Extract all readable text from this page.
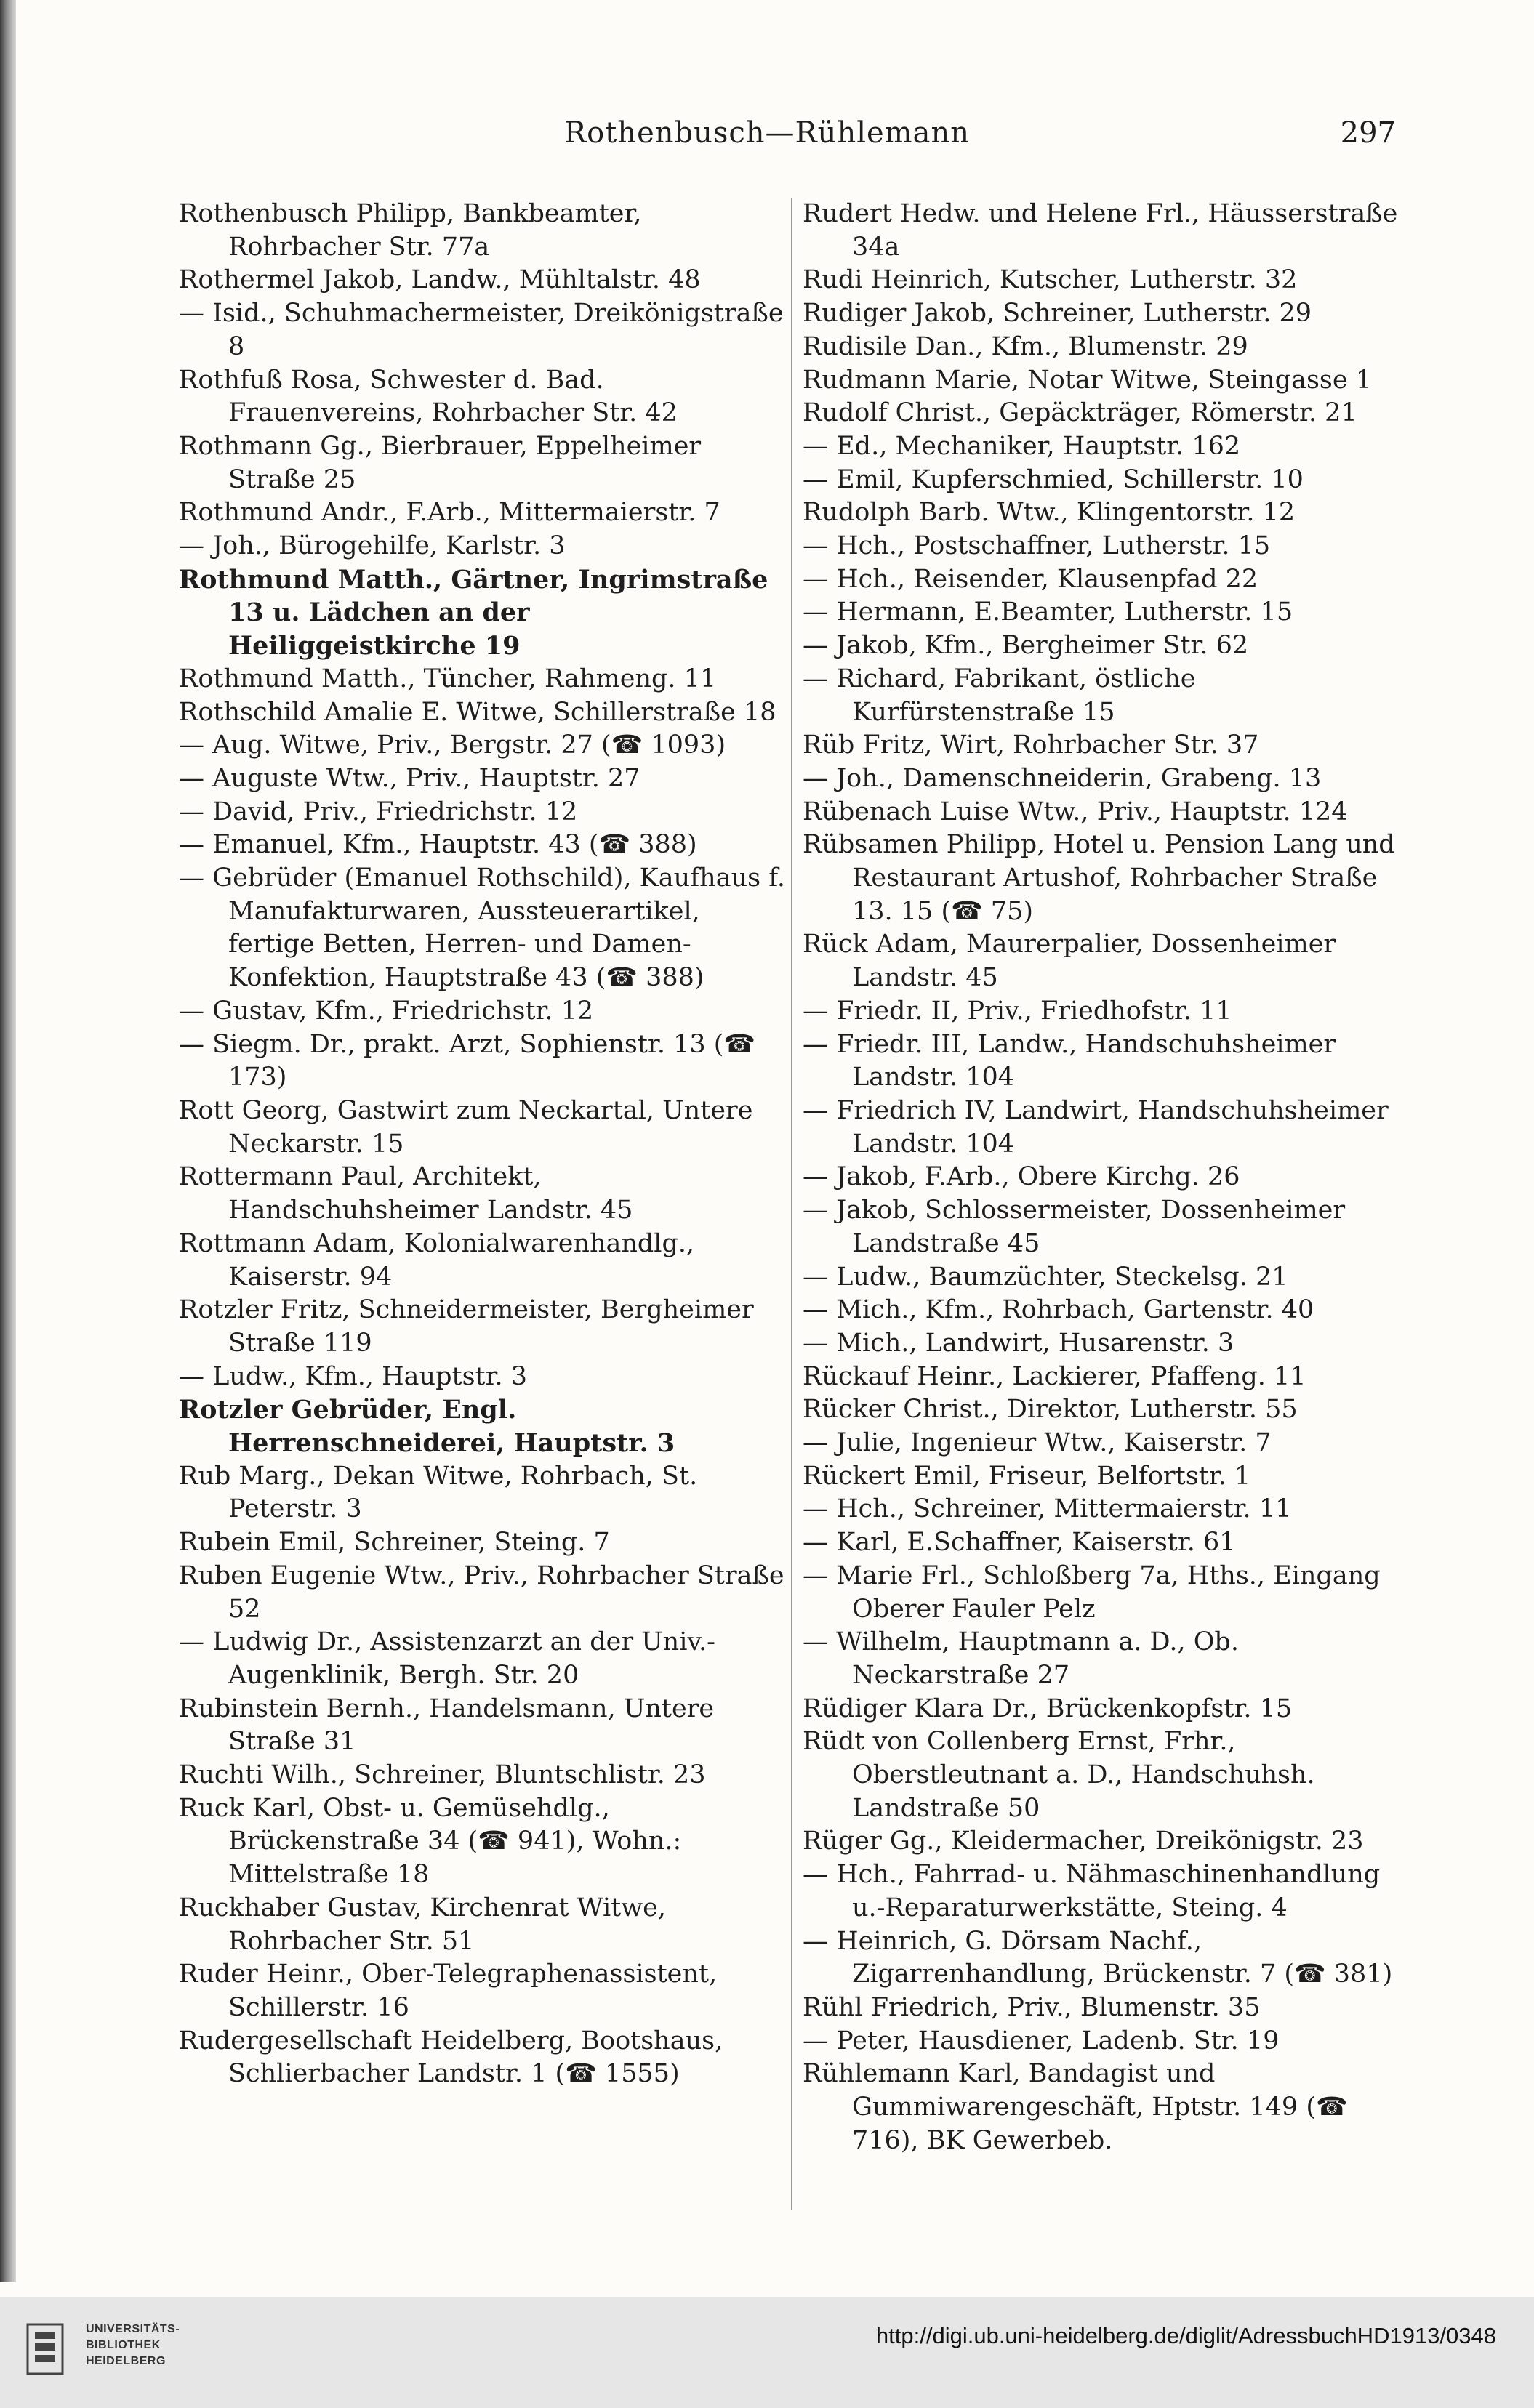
Rothenbusch—Rühlemann	297

Rothenbusch Philipp, Bankbeamter, Rohrbacher Str. 77a

Rothermel Jakob, Landw., Mühltalstr. 48

— Isid., Schuhmachermeister, Dreikönigstraße 8

Rothfuß Rosa, Schwester d. Bad. Frauenvereins, Rohrbacher Str. 42

Rothmann Gg., Bierbrauer, Eppelheimer Straße 25

Rothmund Andr., F.Arb., Mittermaierstr. 7

— Joh., Bürogehilfe, Karlstr. 3

Rothmund Matth., Gärtner, Ingrimstraße 13 u. Lädchen an der Heiliggeistkirche 19

Rothmund Matth., Tüncher, Rahmeng. 11

Rothschild Amalie E. Witwe, Schillerstraße 18

— Aug. Witwe, Priv., Bergstr. 27 (☎ 1093)

— Auguste Wtw., Priv., Hauptstr. 27

— David, Priv., Friedrichstr. 12

— Emanuel, Kfm., Hauptstr. 43 (☎ 388)

— Gebrüder (Emanuel Rothschild), Kaufhaus f. Manufakturwaren, Aussteuerartikel, fertige Betten, Herren- und Damen-Konfektion, Hauptstraße 43 (☎ 388)

— Gustav, Kfm., Friedrichstr. 12

— Siegm. Dr., prakt. Arzt, Sophienstr. 13 (☎ 173)

Rott Georg, Gastwirt zum Neckartal, Untere Neckarstr. 15

Rottermann Paul, Architekt, Handschuhsheimer Landstr. 45

Rottmann Adam, Kolonialwarenhandlg., Kaiserstr. 94

Rotzler Fritz, Schneidermeister, Bergheimer Straße 119

— Ludw., Kfm., Hauptstr. 3

Rotzler Gebrüder, Engl. Herrenschneiderei, Hauptstr. 3

Rub Marg., Dekan Witwe, Rohrbach, St. Peterstr. 3

Rubein Emil, Schreiner, Steing. 7

Ruben Eugenie Wtw., Priv., Rohrbacher Straße 52

— Ludwig Dr., Assistenzarzt an der Univ.-Augenklinik, Bergh. Str. 20

Rubinstein Bernh., Handelsmann, Untere Straße 31

Ruchti Wilh., Schreiner, Bluntschlistr. 23

Ruck Karl, Obst- u. Gemüsehdlg., Brückenstraße 34 (☎ 941), Wohn.: Mittelstraße 18

Ruckhaber Gustav, Kirchenrat Witwe, Rohrbacher Str. 51

Ruder Heinr., Ober-Telegraphenassistent, Schillerstr. 16

Rudergesellschaft Heidelberg, Bootshaus, Schlierbacher Landstr. 1 (☎ 1555)

Rudert Hedw. und Helene Frl., Häusserstraße 34a

Rudi Heinrich, Kutscher, Lutherstr. 32

Rudiger Jakob, Schreiner, Lutherstr. 29

Rudisile Dan., Kfm., Blumenstr. 29

Rudmann Marie, Notar Witwe, Steingasse 1

Rudolf Christ., Gepäckträger, Römerstr. 21

— Ed., Mechaniker, Hauptstr. 162

— Emil, Kupferschmied, Schillerstr. 10

Rudolph Barb. Wtw., Klingentorstr. 12

— Hch., Postschaffner, Lutherstr. 15

— Hch., Reisender, Klausenpfad 22

— Hermann, E.Beamter, Lutherstr. 15

— Jakob, Kfm., Bergheimer Str. 62

— Richard, Fabrikant, östliche Kurfürstenstraße 15

Rüb Fritz, Wirt, Rohrbacher Str. 37

— Joh., Damenschneiderin, Grabeng. 13

Rübenach Luise Wtw., Priv., Hauptstr. 124

Rübsamen Philipp, Hotel u. Pension Lang und Restaurant Artushof, Rohrbacher Straße 13. 15 (☎ 75)

Rück Adam, Maurerpalier, Dossenheimer Landstr. 45

— Friedr. II, Priv., Friedhofstr. 11

— Friedr. III, Landw., Handschuhsheimer Landstr. 104

— Friedrich IV, Landwirt, Handschuhsheimer Landstr. 104

— Jakob, F.Arb., Obere Kirchg. 26

— Jakob, Schlossermeister, Dossenheimer Landstraße 45

— Ludw., Baumzüchter, Steckelsg. 21

— Mich., Kfm., Rohrbach, Gartenstr. 40

— Mich., Landwirt, Husarenstr. 3

Rückauf Heinr., Lackierer, Pfaffeng. 11

Rücker Christ., Direktor, Lutherstr. 55

— Julie, Ingenieur Wtw., Kaiserstr. 7

Rückert Emil, Friseur, Belfortstr. 1

— Hch., Schreiner, Mittermaierstr. 11

— Karl, E.Schaffner, Kaiserstr. 61

— Marie Frl., Schloßberg 7a, Hths., Eingang Oberer Fauler Pelz

— Wilhelm, Hauptmann a. D., Ob. Neckarstraße 27

Rüdiger Klara Dr., Brückenkopfstr. 15

Rüdt von Collenberg Ernst, Frhr., Oberstleutnant a. D., Handschuhsh. Landstraße 50

Rüger Gg., Kleidermacher, Dreikönigstr. 23

— Hch., Fahrrad- u. Nähmaschinenhandlung u.-Reparaturwerkstätte, Steing. 4

— Heinrich, G. Dörsam Nachf., Zigarrenhandlung, Brückenstr. 7 (☎ 381)

Rühl Friedrich, Priv., Blumenstr. 35

— Peter, Hausdiener, Ladenb. Str. 19

Rühlemann Karl, Bandagist und Gummiwarengeschäft, Hptstr. 149 (☎ 716), BK Gewerbeb.

UNIVERSITÄTS-
BIBLIOTHEK
HEIDELBERG
http://digi.ub.uni-heidelberg.de/diglit/AdressbuchHD1913/0348
